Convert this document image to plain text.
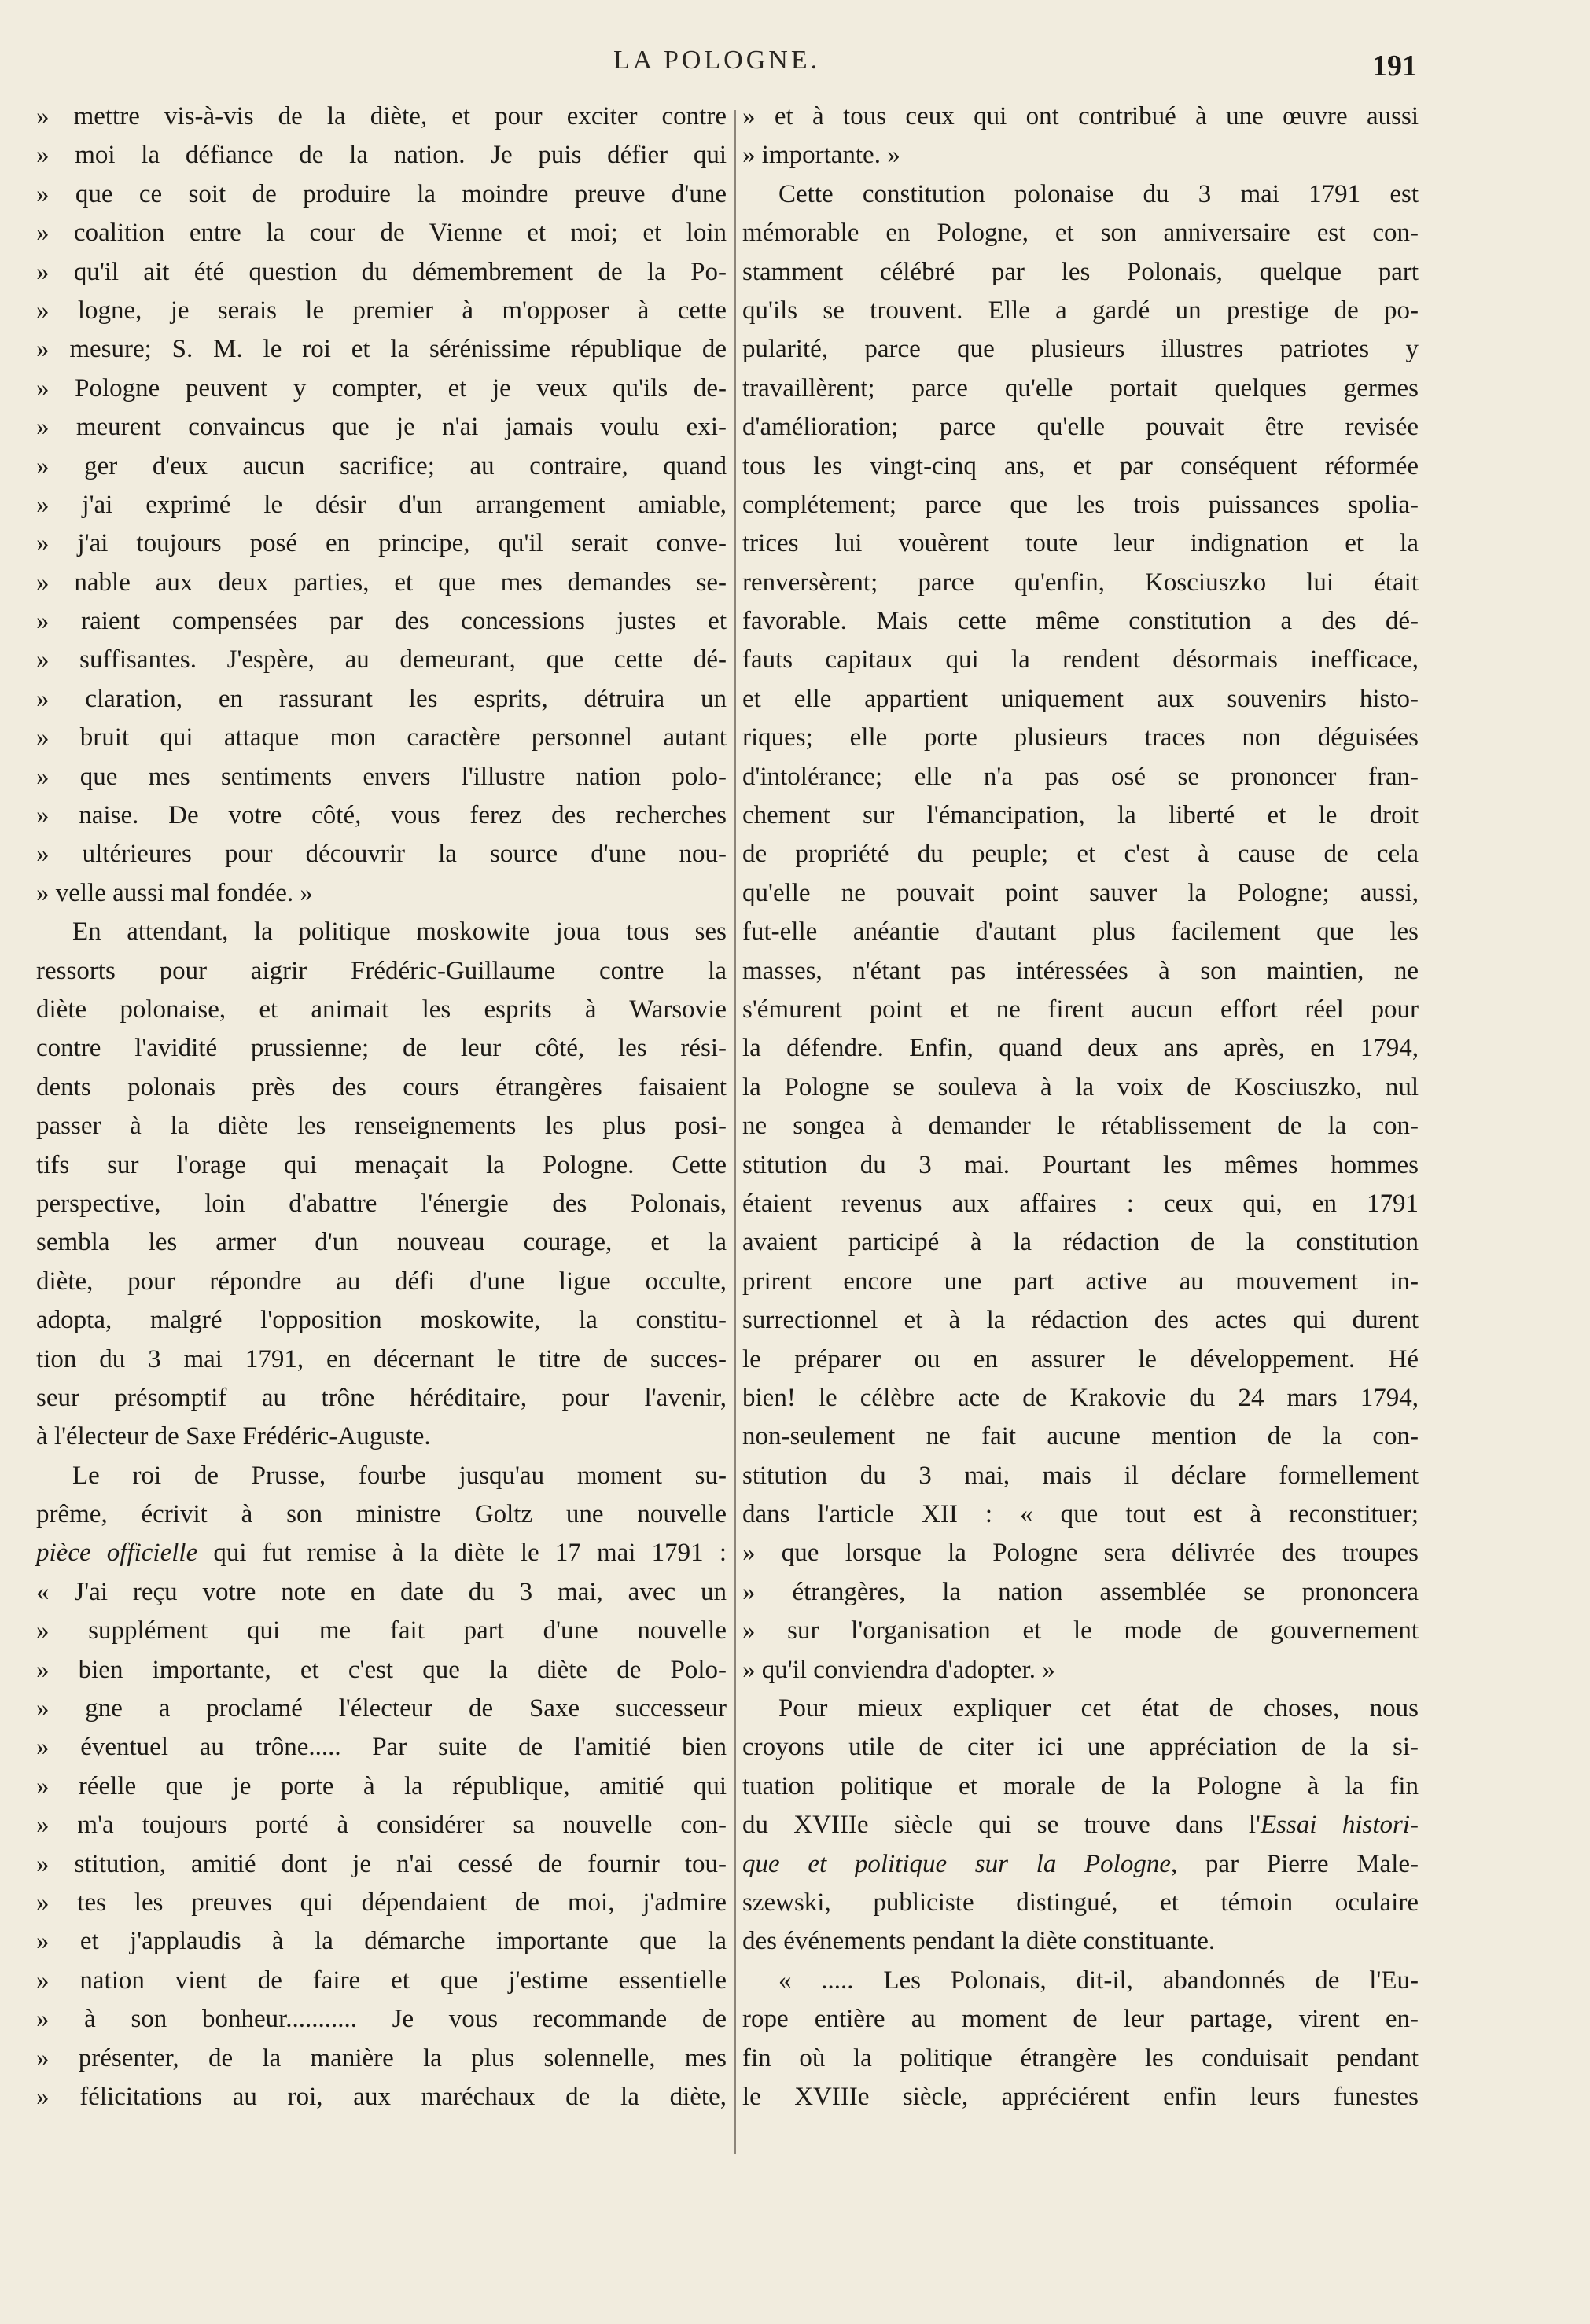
LA POLOGNE.	191
» mettre vis-à-vis de la diète, et pour exciter contre
» moi la défiance de la nation. Je puis défier qui
» que ce soit de produire la moindre preuve d'une
» coalition entre la cour de Vienne et moi; et loin
» qu'il ait été question du démembrement de la Po-
» logne, je serais le premier à m'opposer à cette
» mesure; S. M. le roi et la sérénissime république de
» Pologne peuvent y compter, et je veux qu'ils de-
» meurent convaincus que je n'ai jamais voulu exi-
» ger d'eux aucun sacrifice; au contraire, quand
» j'ai exprimé le désir d'un arrangement amiable,
» j'ai toujours posé en principe, qu'il serait conve-
» nable aux deux parties, et que mes demandes se-
» raient compensées par des concessions justes et
» suffisantes. J'espère, au demeurant, que cette dé-
» claration, en rassurant les esprits, détruira un
» bruit qui attaque mon caractère personnel autant
» que mes sentiments envers l'illustre nation polo-
» naise. De votre côté, vous ferez des recherches
» ultérieures pour découvrir la source d'une nou-
» velle aussi mal fondée. »
En attendant, la politique moskowite joua tous ses
ressorts pour aigrir Frédéric-Guillaume contre la
diète polonaise, et animait les esprits à Warsovie
contre l'avidité prussienne; de leur côté, les rési-
dents polonais près des cours étrangères faisaient
passer à la diète les renseignements les plus posi-
tifs sur l'orage qui menaçait la Pologne. Cette
perspective, loin d'abattre l'énergie des Polonais,
sembla les armer d'un nouveau courage, et la
diète, pour répondre au défi d'une ligue occulte,
adopta, malgré l'opposition moskowite, la constitu-
tion du 3 mai 1791, en décernant le titre de succes-
seur présomptif au trône héréditaire, pour l'avenir,
à l'électeur de Saxe Frédéric-Auguste.
Le roi de Prusse, fourbe jusqu'au moment su-
prême, écrivit à son ministre Goltz une nouvelle
pièce officielle qui fut remise à la diète le 17 mai 1791 :
« J'ai reçu votre note en date du 3 mai, avec un
» supplément qui me fait part d'une nouvelle
» bien importante, et c'est que la diète de Polo-
» gne a proclamé l'électeur de Saxe successeur
» éventuel au trône..... Par suite de l'amitié bien
» réelle que je porte à la république, amitié qui
» m'a toujours porté à considérer sa nouvelle con-
» stitution, amitié dont je n'ai cessé de fournir tou-
» tes les preuves qui dépendaient de moi, j'admire
» et j'applaudis à la démarche importante que la
» nation vient de faire et que j'estime essentielle
» à son bonheur........... Je vous recommande de
» présenter, de la manière la plus solennelle, mes
» félicitations au roi, aux maréchaux de la diète,
» et à tous ceux qui ont contribué à une œuvre aussi
» importante. »
Cette constitution polonaise du 3 mai 1791 est
mémorable en Pologne, et son anniversaire est con-
stamment célébré par les Polonais, quelque part
qu'ils se trouvent. Elle a gardé un prestige de po-
pularité, parce que plusieurs illustres patriotes y
travaillèrent; parce qu'elle portait quelques germes
d'amélioration; parce qu'elle pouvait être revisée
tous les vingt-cinq ans, et par conséquent réformée
complétement; parce que les trois puissances spolia-
trices lui vouèrent toute leur indignation et la
renversèrent; parce qu'enfin, Kosciuszko lui était
favorable. Mais cette même constitution a des dé-
fauts capitaux qui la rendent désormais inefficace,
et elle appartient uniquement aux souvenirs histo-
riques; elle porte plusieurs traces non déguisées
d'intolérance; elle n'a pas osé se prononcer fran-
chement sur l'émancipation, la liberté et le droit
de propriété du peuple; et c'est à cause de cela
qu'elle ne pouvait point sauver la Pologne; aussi,
fut-elle anéantie d'autant plus facilement que les
masses, n'étant pas intéressées à son maintien, ne
s'émurent point et ne firent aucun effort réel pour
la défendre. Enfin, quand deux ans après, en 1794,
la Pologne se souleva à la voix de Kosciuszko, nul
ne songea à demander le rétablissement de la con-
stitution du 3 mai. Pourtant les mêmes hommes
étaient revenus aux affaires : ceux qui, en 1791
avaient participé à la rédaction de la constitution
prirent encore une part active au mouvement in-
surrectionnel et à la rédaction des actes qui durent
le préparer ou en assurer le développement. Hé
bien! le célèbre acte de Krakovie du 24 mars 1794,
non-seulement ne fait aucune mention de la con-
stitution du 3 mai, mais il déclare formellement
dans l'article XII : « que tout est à reconstituer;
» que lorsque la Pologne sera délivrée des troupes
» étrangères, la nation assemblée se prononcera
» sur l'organisation et le mode de gouvernement
» qu'il conviendra d'adopter. »
Pour mieux expliquer cet état de choses, nous
croyons utile de citer ici une appréciation de la si-
tuation politique et morale de la Pologne à la fin
du XVIIIe siècle qui se trouve dans l'Essai histori-
que et politique sur la Pologne, par Pierre Male-
szewski, publiciste distingué, et témoin oculaire
des événements pendant la diète constituante.
« ..... Les Polonais, dit-il, abandonnés de l'Eu-
rope entière au moment de leur partage, virent en-
fin où la politique étrangère les conduisait pendant
le XVIIIe siècle, appréciérent enfin leurs funestes
